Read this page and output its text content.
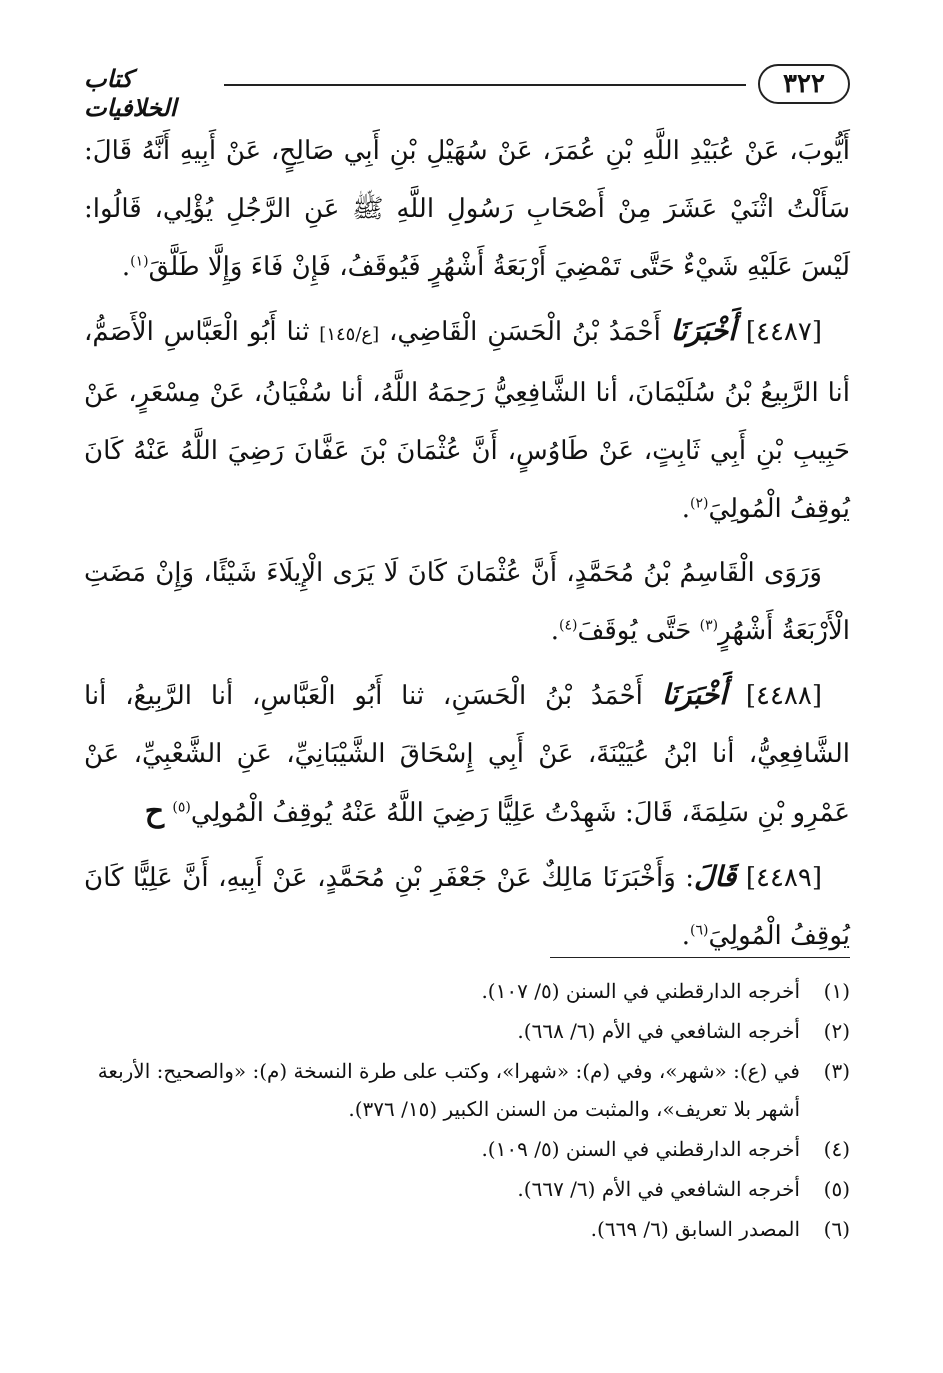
٣٢٢
كتاب الخلافيات

أَيُّوبَ، عَنْ عُبَيْدِ اللَّهِ بْنِ عُمَرَ، عَنْ سُهَيْلِ بْنِ أَبِي صَالِحٍ، عَنْ أَبِيهِ أَنَّهُ قَالَ: سَأَلْتُ اثْنَيْ عَشَرَ مِنْ أَصْحَابِ رَسُولِ اللَّهِ ﷺ عَنِ الرَّجُلِ يُؤْلِي، قَالُوا: لَيْسَ عَلَيْهِ شَيْءٌ حَتَّى تَمْضِيَ أَرْبَعَةُ أَشْهُرٍ فَيُوقَفُ، فَإِنْ فَاءَ وَإِلَّا طَلَّقَ$^{(١)}$.

[٤٤٨٧] أَخْبَرَنَا أَحْمَدُ بْنُ الْحَسَنِ الْقَاضِي، [ع/١٤٥] ثنا أَبُو الْعَبَّاسِ الْأَصَمُّ، أنا الرَّبِيعُ بْنُ سُلَيْمَانَ، أنا الشَّافِعِيُّ رَحِمَهُ اللَّهُ، أنا سُفْيَانُ، عَنْ مِسْعَرٍ، عَنْ حَبِيبِ بْنِ أَبِي ثَابِتٍ، عَنْ طَاوُسٍ، أَنَّ عُثْمَانَ بْنَ عَفَّانَ رَضِيَ اللَّهُ عَنْهُ كَانَ يُوقِفُ الْمُولِيَ$^{(٢)}$.

وَرَوَى الْقَاسِمُ بْنُ مُحَمَّدٍ، أَنَّ عُثْمَانَ كَانَ لَا يَرَى الْإِيلَاءَ شَيْئًا، وَإِنْ مَضَتِ الْأَرْبَعَةُ أَشْهُرٍ$^{(٣)}$ حَتَّى يُوقَفَ$^{(٤)}$.

[٤٤٨٨] أَخْبَرَنَا أَحْمَدُ بْنُ الْحَسَنِ، ثنا أَبُو الْعَبَّاسِ، أنا الرَّبِيعُ، أنا الشَّافِعِيُّ، أنا ابْنُ عُيَيْنَةَ، عَنْ أَبِي إِسْحَاقَ الشَّيْبَانِيِّ، عَنِ الشَّعْبِيِّ، عَنْ عَمْرِو بْنِ سَلِمَةَ، قَالَ: شَهِدْتُ عَلِيًّا رَضِيَ اللَّهُ عَنْهُ يُوقِفُ الْمُولِي$^{(٥)}$ ح

[٤٤٨٩] قَالَ: وَأَخْبَرَنَا مَالِكٌ عَنْ جَعْفَرِ بْنِ مُحَمَّدٍ، عَنْ أَبِيهِ، أَنَّ عَلِيًّا كَانَ يُوقِفُ الْمُولِيَ$^{(٦)}$.

(١)
أخرجه الدارقطني في السنن (٥/ ١٠٧).
(٢)
أخرجه الشافعي في الأم (٦/ ٦٦٨).
(٣)
في (ع): «شهر»، وفي (م): «شهرا»، وكتب على طرة النسخة (م): «والصحيح: الأربعة أشهر بلا تعريف»، والمثبت من السنن الكبير (١٥/ ٣٧٦).
(٤)
أخرجه الدارقطني في السنن (٥/ ١٠٩).
(٥)
أخرجه الشافعي في الأم (٦/ ٦٦٧).
(٦)
المصدر السابق (٦/ ٦٦٩).
